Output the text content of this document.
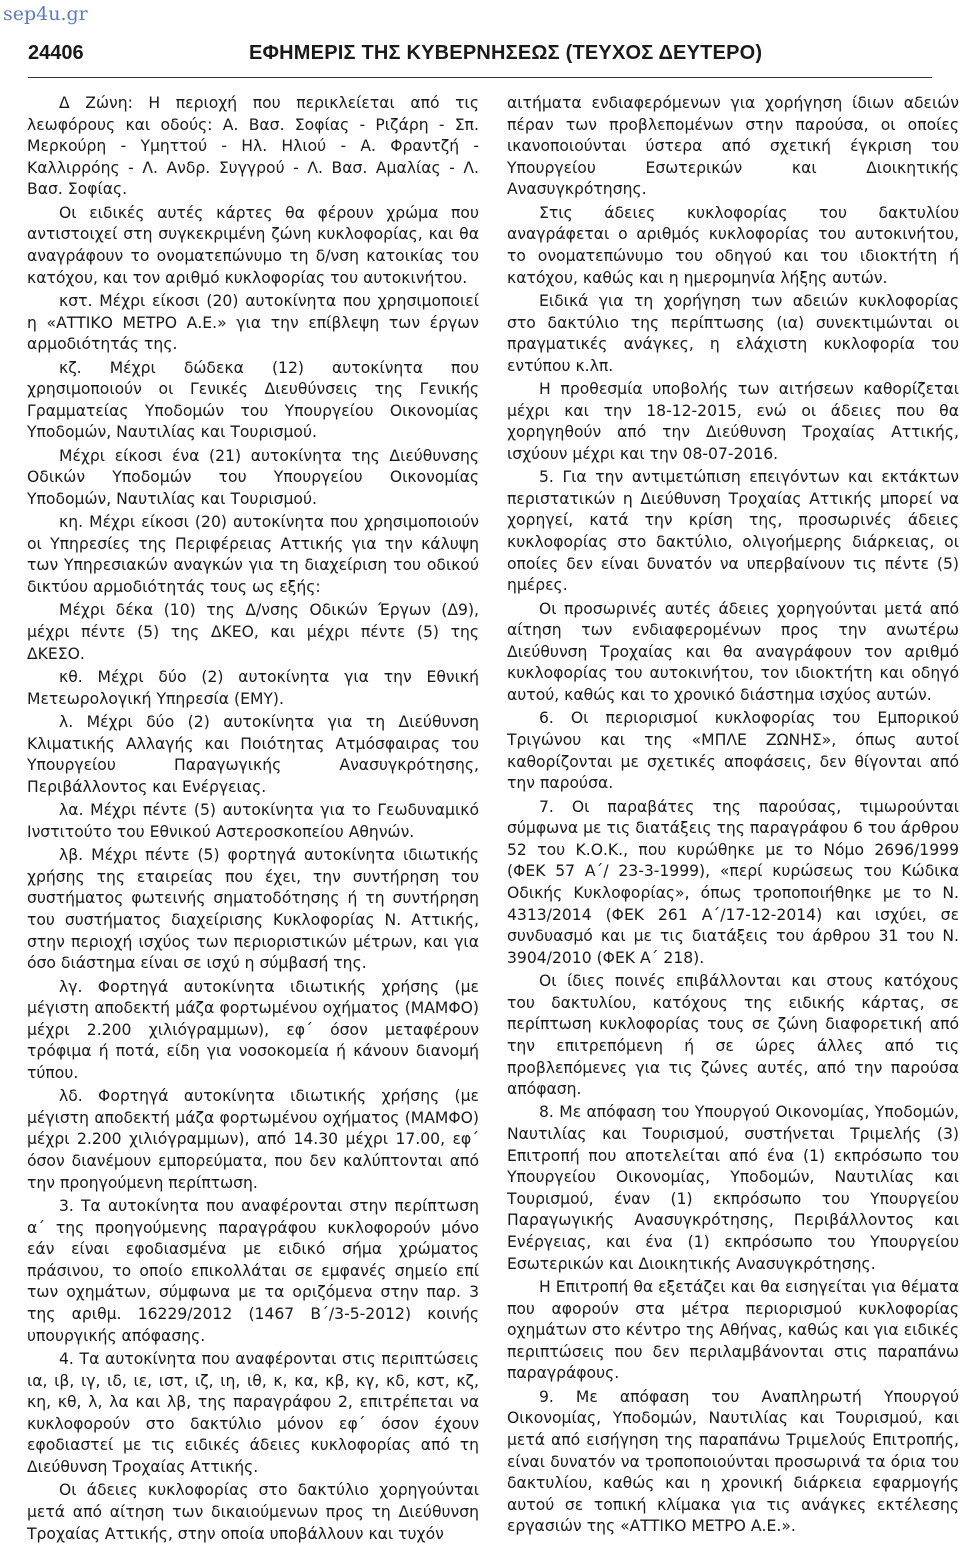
sep4u.gr
24406	ΕΦΗΜΕΡΙΣ ΤΗΣ ΚΥΒΕΡΝΗΣΕΩΣ (ΤΕΥΧΟΣ ΔΕΥΤΕΡΟ)

Δ Ζώνη: Η περιοχή που περικλείεται από τις λεωφόρους και οδούς: Α. Βασ. Σοφίας - Ριζάρη - Σπ. Μερκούρη - Υμηττού - Ηλ. Ηλιού - Α. Φραντζή - Καλλιρρόης - Λ. Ανδρ. Συγγρού - Λ. Βασ. Αμαλίας - Λ. Βασ. Σοφίας.

Οι ειδικές αυτές κάρτες θα φέρουν χρώμα που αντιστοιχεί στη συγκεκριμένη ζώνη κυκλοφορίας, και θα αναγράφουν το ονοματεπώνυμο τη δ/νση κατοικίας του κατόχου, και τον αριθμό κυκλοφορίας του αυτοκινήτου.

κστ. Μέχρι είκοσι (20) αυτοκίνητα που χρησιμοποιεί η «ΑΤΤΙΚΟ ΜΕΤΡΟ Α.Ε.» για την επίβλεψη των έργων αρμοδιότητάς της.

κζ. Μέχρι δώδεκα (12) αυτοκίνητα που χρησιμοποιούν οι Γενικές Διευθύνσεις της Γενικής Γραμματείας Υποδομών του Υπουργείου Οικονομίας Υποδομών, Ναυτιλίας και Τουρισμού.

Μέχρι είκοσι ένα (21) αυτοκίνητα της Διεύθυνσης Οδικών Υποδομών του Υπουργείου Οικονομίας Υποδομών, Ναυτιλίας και Τουρισμού.

κη. Μέχρι είκοσι (20) αυτοκίνητα που χρησιμοποιούν οι Υπηρεσίες της Περιφέρειας Αττικής για την κάλυψη των Υπηρεσιακών αναγκών για τη διαχείριση του οδικού δικτύου αρμοδιότητάς τους ως εξής:

Μέχρι δέκα (10) της Δ/νσης Οδικών Έργων (Δ9), μέχρι πέντε (5) της ΔΚΕΟ, και μέχρι πέντε (5) της ΔΚΕΣΟ.

κθ. Μέχρι δύο (2) αυτοκίνητα για την Εθνική Μετεωρολογική Υπηρεσία (ΕΜΥ).

λ. Μέχρι δύο (2) αυτοκίνητα για τη Διεύθυνση Κλιματικής Αλλαγής και Ποιότητας Ατμόσφαιρας του Υπουργείου Παραγωγικής Ανασυγκρότησης, Περιβάλλοντος και Ενέργειας.

λα. Μέχρι πέντε (5) αυτοκίνητα για το Γεωδυναμικό Ινστιτούτο του Εθνικού Αστεροσκοπείου Αθηνών.

λβ. Μέχρι πέντε (5) φορτηγά αυτοκίνητα ιδιωτικής χρήσης της εταιρείας που έχει, την συντήρηση του συστήματος φωτεινής σηματοδότησης ή τη συντήρηση του συστήματος διαχείρισης Κυκλοφορίας Ν. Αττικής, στην περιοχή ισχύος των περιοριστικών μέτρων, και για όσο διάστημα είναι σε ισχύ η σύμβασή της.

λγ. Φορτηγά αυτοκίνητα ιδιωτικής χρήσης (με μέγιστη αποδεκτή μάζα φορτωμένου οχήματος (ΜΑΜΦΟ) μέχρι 2.200 χιλιόγραμμων), εφ΄ όσον μεταφέρουν τρόφιμα ή ποτά, είδη για νοσοκομεία ή κάνουν διανομή τύπου.

λδ. Φορτηγά αυτοκίνητα ιδιωτικής χρήσης (με μέγιστη αποδεκτή μάζα φορτωμένου οχήματος (ΜΑΜΦΟ) μέχρι 2.200 χιλιόγραμμων), από 14.30 μέχρι 17.00, εφ΄ όσον διανέμουν εμπορεύματα, που δεν καλύπτονται από την προηγούμενη περίπτωση.

3. Τα αυτοκίνητα που αναφέρονται στην περίπτωση α΄ της προηγούμενης παραγράφου κυκλοφορούν μόνο εάν είναι εφοδιασμένα με ειδικό σήμα χρώματος πράσινου, το οποίο επικολλάται σε εμφανές σημείο επί των οχημάτων, σύμφωνα με τα οριζόμενα στην παρ. 3 της αριθμ. 16229/2012 (1467 Β΄/3-5-2012) κοινής υπουργικής απόφασης.

4. Τα αυτοκίνητα που αναφέρονται στις περιπτώσεις ια, ιβ, ιγ, ιδ, ιε, ιστ, ιζ, ιη, ιθ, κ, κα, κβ, κγ, κδ, κστ, κζ, κη, κθ, λ, λα και λβ, της παραγράφου 2, επιτρέπεται να κυκλοφορούν στο δακτύλιο μόνον εφ΄ όσον έχουν εφοδιαστεί με τις ειδικές άδειες κυκλοφορίας από τη Διεύθυνση Τροχαίας Αττικής.

Οι άδειες κυκλοφορίας στο δακτύλιο χορηγούνται μετά από αίτηση των δικαιούμενων προς τη Διεύθυνση Τροχαίας Αττικής, στην οποία υποβάλλουν και τυχόν

αιτήματα ενδιαφερόμενων για χορήγηση ίδιων αδειών πέραν των προβλεπομένων στην παρούσα, οι οποίες ικανοποιούνται ύστερα από σχετική έγκριση του Υπουργείου Εσωτερικών και Διοικητικής Ανασυγκρότησης.

Στις άδειες κυκλοφορίας του δακτυλίου αναγράφεται ο αριθμός κυκλοφορίας του αυτοκινήτου, το ονοματεπώνυμο του οδηγού και του ιδιοκτήτη ή κατόχου, καθώς και η ημερομηνία λήξης αυτών.

Ειδικά για τη χορήγηση των αδειών κυκλοφορίας στο δακτύλιο της περίπτωσης (ια) συνεκτιμώνται οι πραγματικές ανάγκες, η ελάχιστη κυκλοφορία του εντύπου κ.λπ.

Η προθεσμία υποβολής των αιτήσεων καθορίζεται μέχρι και την 18-12-2015, ενώ οι άδειες που θα χορηγηθούν από την Διεύθυνση Τροχαίας Αττικής, ισχύουν μέχρι και την 08-07-2016.

5. Για την αντιμετώπιση επειγόντων και εκτάκτων περιστατικών η Διεύθυνση Τροχαίας Αττικής μπορεί να χορηγεί, κατά την κρίση της, προσωρινές άδειες κυκλοφορίας στο δακτύλιο, ολιγοήμερης διάρκειας, οι οποίες δεν είναι δυνατόν να υπερβαίνουν τις πέντε (5) ημέρες.

Οι προσωρινές αυτές άδειες χορηγούνται μετά από αίτηση των ενδιαφερομένων προς την ανωτέρω Διεύθυνση Τροχαίας και θα αναγράφουν τον αριθμό κυκλοφορίας του αυτοκινήτου, τον ιδιοκτήτη και οδηγό αυτού, καθώς και το χρονικό διάστημα ισχύος αυτών.

6. Οι περιορισμοί κυκλοφορίας του Εμπορικού Τριγώνου και της «ΜΠΛΕ ΖΩΝΗΣ», όπως αυτοί καθορίζονται με σχετικές αποφάσεις, δεν θίγονται από την παρούσα.

7. Οι παραβάτες της παρούσας, τιμωρούνται σύμφωνα με τις διατάξεις της παραγράφου 6 του άρθρου 52 του Κ.Ο.Κ., που κυρώθηκε με το Νόμο 2696/1999 (ΦΕΚ 57 Α΄/ 23-3-1999), «περί κυρώσεως του Κώδικα Οδικής Κυκλοφορίας», όπως τροποποιήθηκε με το Ν. 4313/2014 (ΦΕΚ 261 Α΄/17-12-2014) και ισχύει, σε συνδυασμό και με τις διατάξεις του άρθρου 31 του Ν. 3904/2010 (ΦΕΚ Α΄ 218).

Οι ίδιες ποινές επιβάλλονται και στους κατόχους του δακτυλίου, κατόχους της ειδικής κάρτας, σε περίπτωση κυκλοφορίας τους σε ζώνη διαφορετική από την επιτρεπόμενη ή σε ώρες άλλες από τις προβλεπόμενες για τις ζώνες αυτές, από την παρούσα απόφαση.

8. Με απόφαση του Υπουργού Οικονομίας, Υποδομών, Ναυτιλίας και Τουρισμού, συστήνεται Τριμελής (3) Επιτροπή που αποτελείται από ένα (1) εκπρόσωπο του Υπουργείου Οικονομίας, Υποδομών, Ναυτιλίας και Τουρισμού, έναν (1) εκπρόσωπο του Υπουργείου Παραγωγικής Ανασυγκρότησης, Περιβάλλοντος και Ενέργειας, και ένα (1) εκπρόσωπο του Υπουργείου Εσωτερικών και Διοικητικής Ανασυγκρότησης.

Η Επιτροπή θα εξετάζει και θα εισηγείται για θέματα που αφορούν στα μέτρα περιορισμού κυκλοφορίας οχημάτων στο κέντρο της Αθήνας, καθώς και για ειδικές περιπτώσεις που δεν περιλαμβάνονται στις παραπάνω παραγράφους.

9. Με απόφαση του Αναπληρωτή Υπουργού Οικονομίας, Υποδομών, Ναυτιλίας και Τουρισμού, και μετά από εισήγηση της παραπάνω Τριμελούς Επιτροπής, είναι δυνατόν να τροποποιούνται προσωρινά τα όρια του δακτυλίου, καθώς και η χρονική διάρκεια εφαρμογής αυτού σε τοπική κλίμακα για τις ανάγκες εκτέλεσης εργασιών της «ΑΤΤΙΚΟ ΜΕΤΡΟ Α.Ε.».
